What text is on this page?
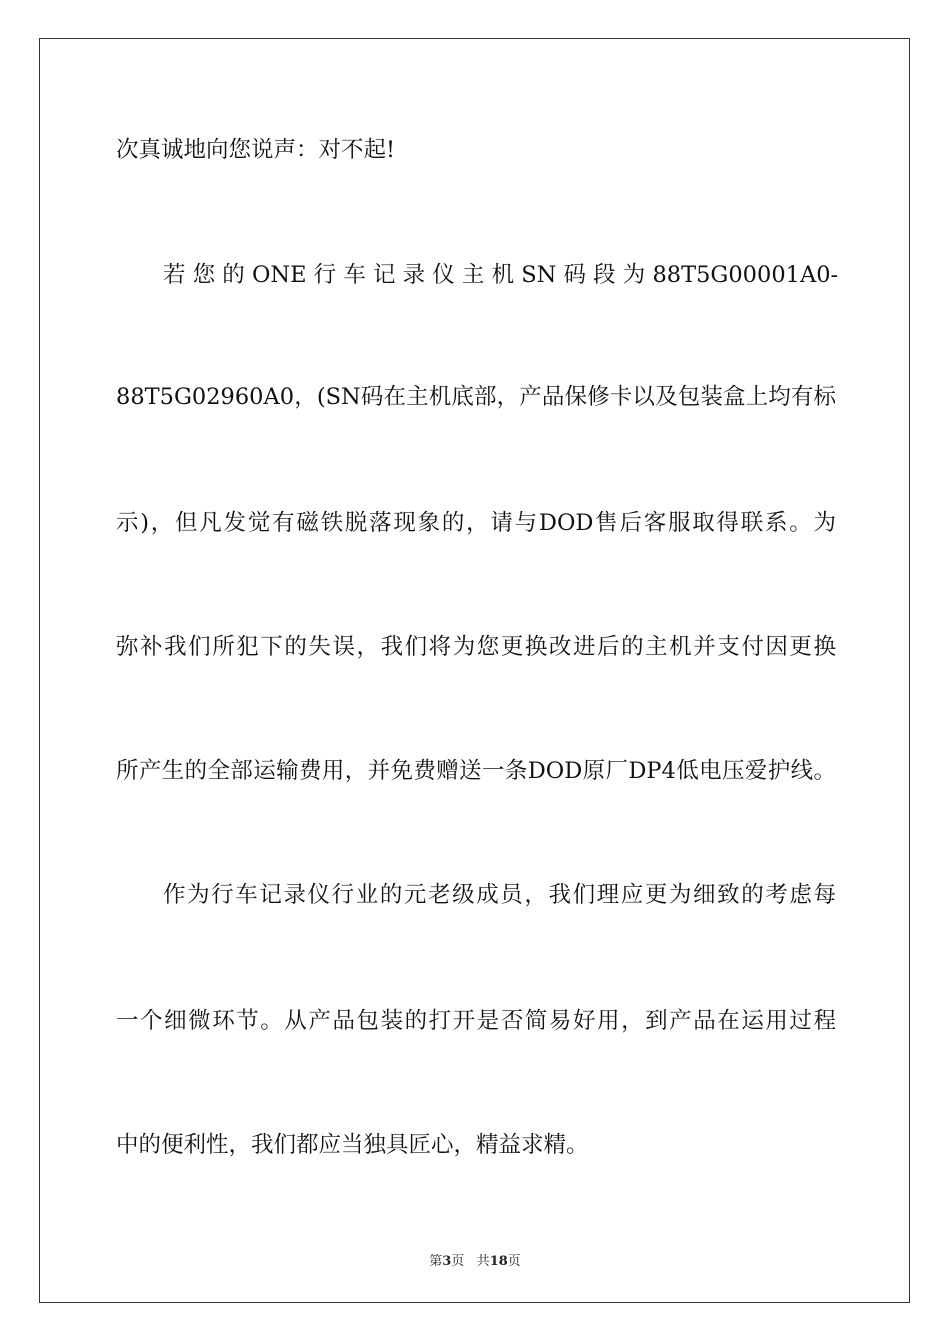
次真诚地向您说声：对不起!
若 您 的 ONE 行 车 记 录 仪 主 机 SN 码 段 为 88T5G00001A0-
88T5G02960A0，(SN码在主机底部，产品保修卡以及包装盒上均有标
示)，但凡发觉有磁铁脱落现象的，请与DOD售后客服取得联系。为
弥补我们所犯下的失误，我们将为您更换改进后的主机并支付因更换
所产生的全部运输费用，并免费赠送一条DOD原厂DP4低电压爱护线。
作为行车记录仪行业的元老级成员，我们理应更为细致的考虑每
一个细微环节。从产品包装的打开是否简易好用，到产品在运用过程
中的便利性，我们都应当独具匠心，精益求精。
第3页 共18页
